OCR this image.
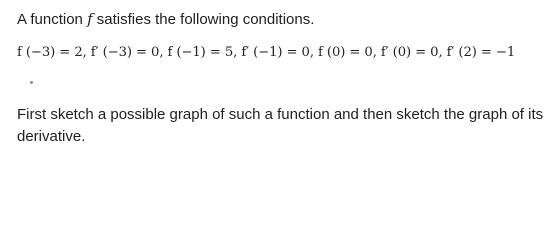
A function f satisfies the following conditions.
f (−3) = 2, f′ (−3) = 0, f (−1) = 5, f′ (−1) = 0, f (0) = 0, f′ (0) = 0, f′ (2) = −1
First sketch a possible graph of such a function and then sketch the graph of its derivative.
